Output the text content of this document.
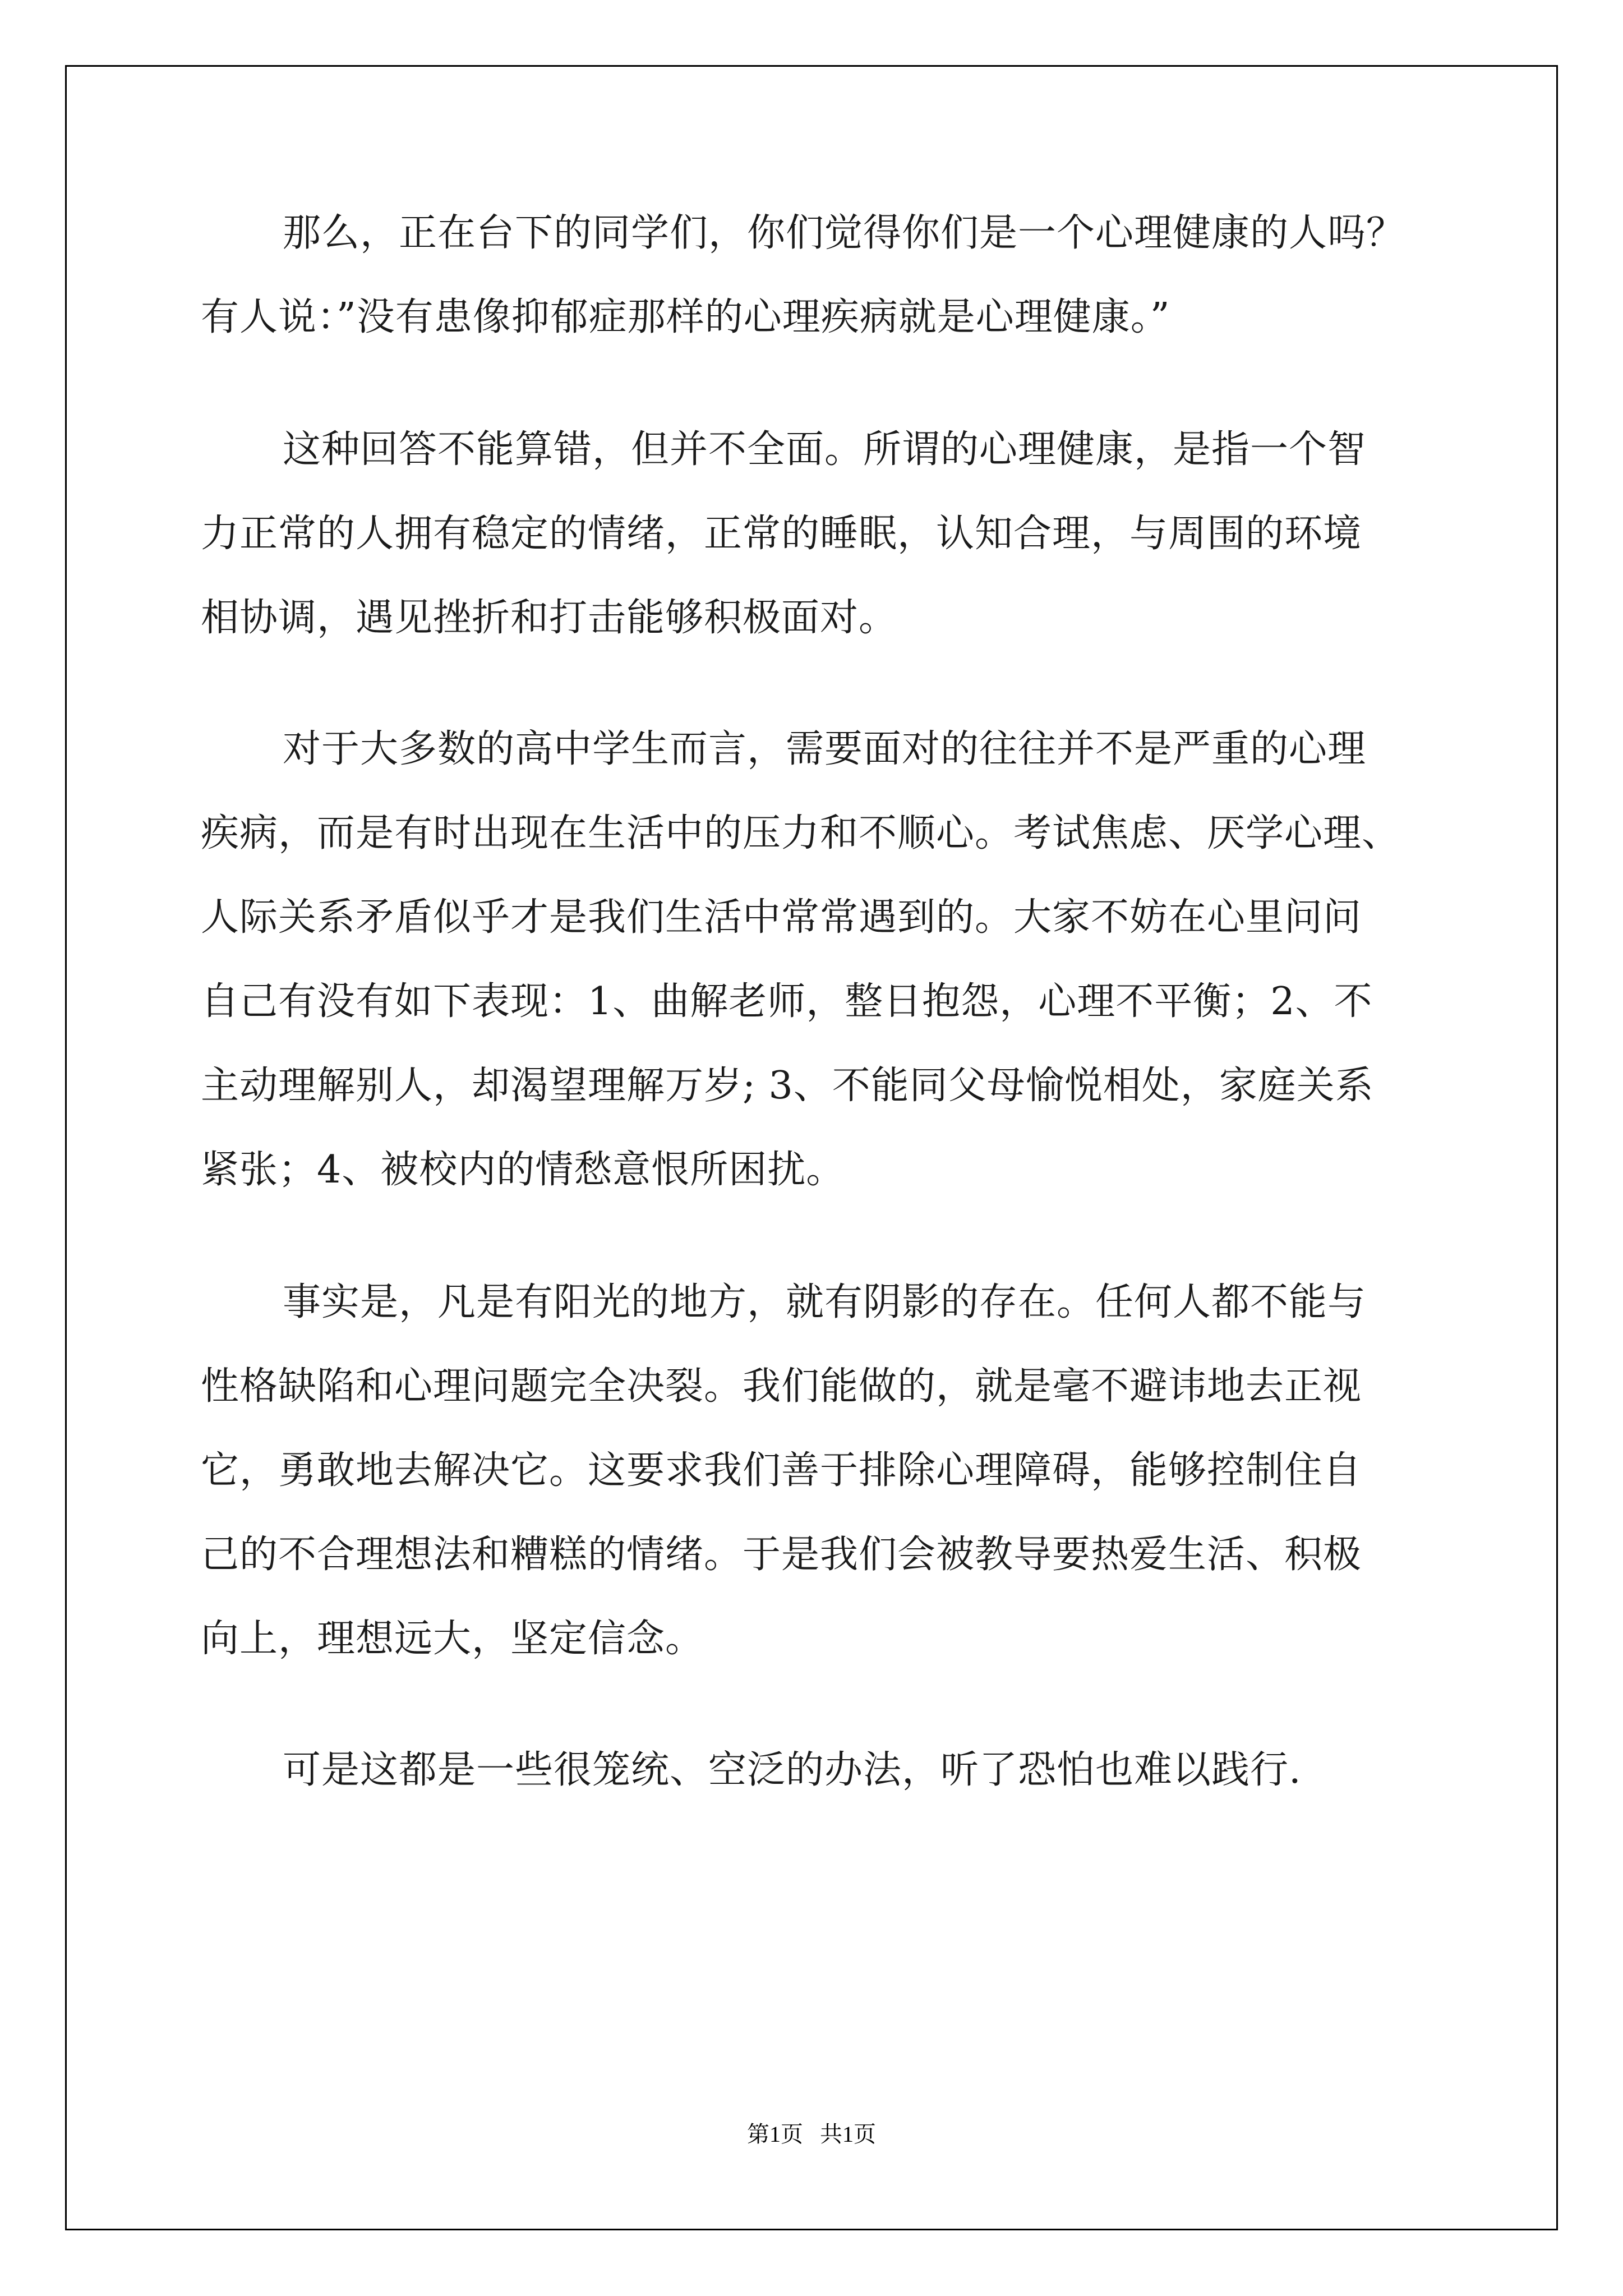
那么，正在台下的同学们，你们觉得你们是一个心理健康的人吗？

有人说：”没有患像抑郁症那样的心理疾病就是心理健康。”

这种回答不能算错，但并不全面。所谓的心理健康，是指一个智

力正常的人拥有稳定的情绪，正常的睡眠，认知合理，与周围的环境

相协调，遇见挫折和打击能够积极面对。

对于大多数的高中学生而言，需要面对的往往并不是严重的心理

疾病，而是有时出现在生活中的压力和不顺心。考试焦虑、厌学心理、

人际关系矛盾似乎才是我们生活中常常遇到的。大家不妨在心里问问

自己有没有如下表现：1、曲解老师，整日抱怨，心理不平衡；2、不

主动理解别人，却渴望理解万岁; 3、不能同父母愉悦相处，家庭关系

紧张；4、被校内的情愁意恨所困扰。

事实是，凡是有阳光的地方，就有阴影的存在。任何人都不能与

性格缺陷和心理问题完全决裂。我们能做的，就是毫不避讳地去正视

它，勇敢地去解决它。这要求我们善于排除心理障碍，能够控制住自

己的不合理想法和糟糕的情绪。于是我们会被教导要热爱生活、积极

向上，理想远大，坚定信念。

可是这都是一些很笼统、空泛的办法，听了恐怕也难以践行.

第1页   共1页
